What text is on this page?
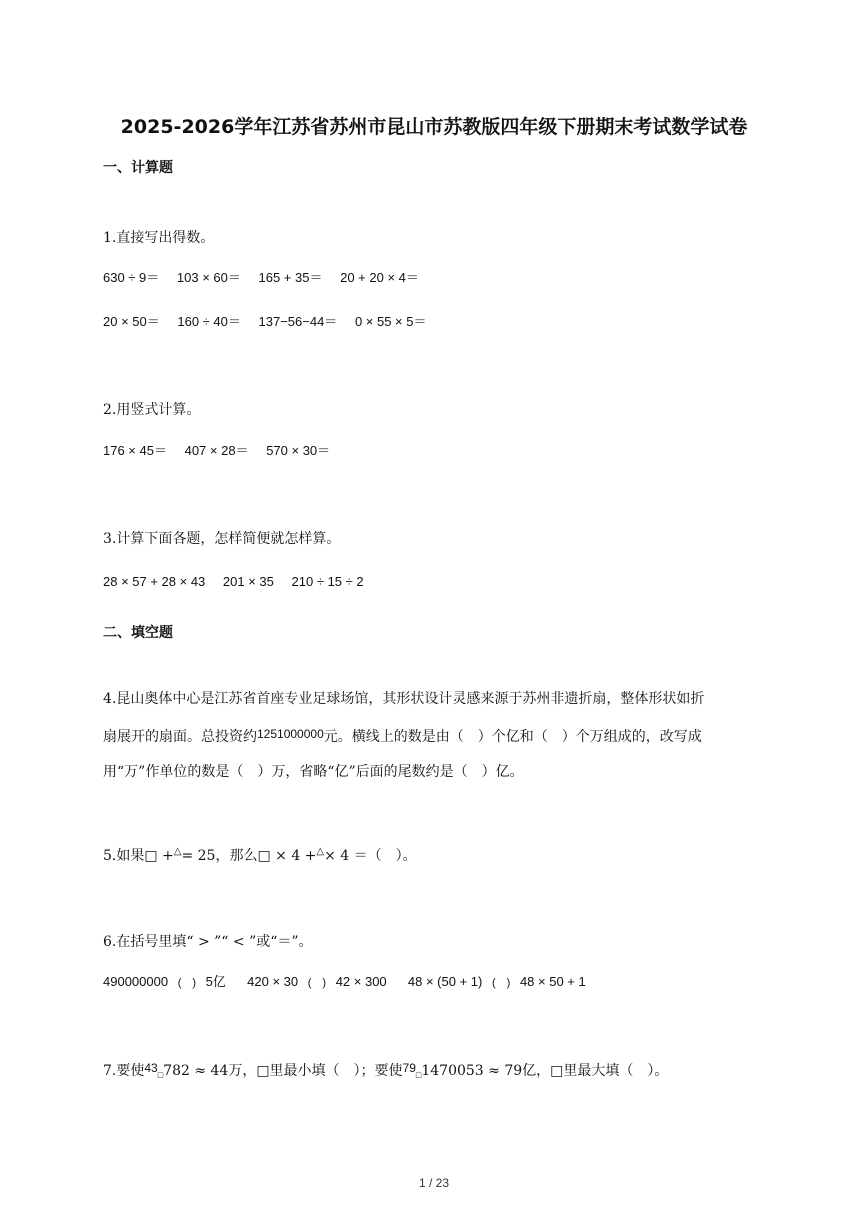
2025-2026学年江苏省苏州市昆山市苏教版四年级下册期末考试数学试卷
一、计算题
1.直接写出得数。
630 ÷ 9＝ 103 × 60＝ 165 + 35＝ 20 + 20 × 4＝
20 × 50＝ 160 ÷ 40＝ 137−56−44＝ 0 × 55 × 5＝
2.用竖式计算。
176 × 45＝ 407 × 28＝ 570 × 30＝
3.计算下面各题，怎样简便就怎样算。
28 × 57 + 28 × 43 201 × 35 210 ÷ 15 ÷ 2
二、填空题
4.昆山奥体中心是江苏省首座专业足球场馆，其形状设计灵感来源于苏州非遗折扇，整体形状如折
扇展开的扇面。总投资约1251000000元。横线上的数是由（　）个亿和（　）个万组成的，改写成
用“万”作单位的数是（　）万，省略“亿”后面的尾数约是（　）亿。
5.如果□ +△= 25，那么□ × 4 +△× 4 ＝（　）。
6.在括号里填“ > ”“ < ”或“＝”。
490000000 (　) 5亿 420 × 30 (　) 42 × 300 48 × (50 + 1) (　) 48 × 50 + 1
7.要使$43_□782 \approx 44$万，□里最小填（　）；要使$79_□1470053 \approx 79$亿，□里最大填（　）。
1 / 23
